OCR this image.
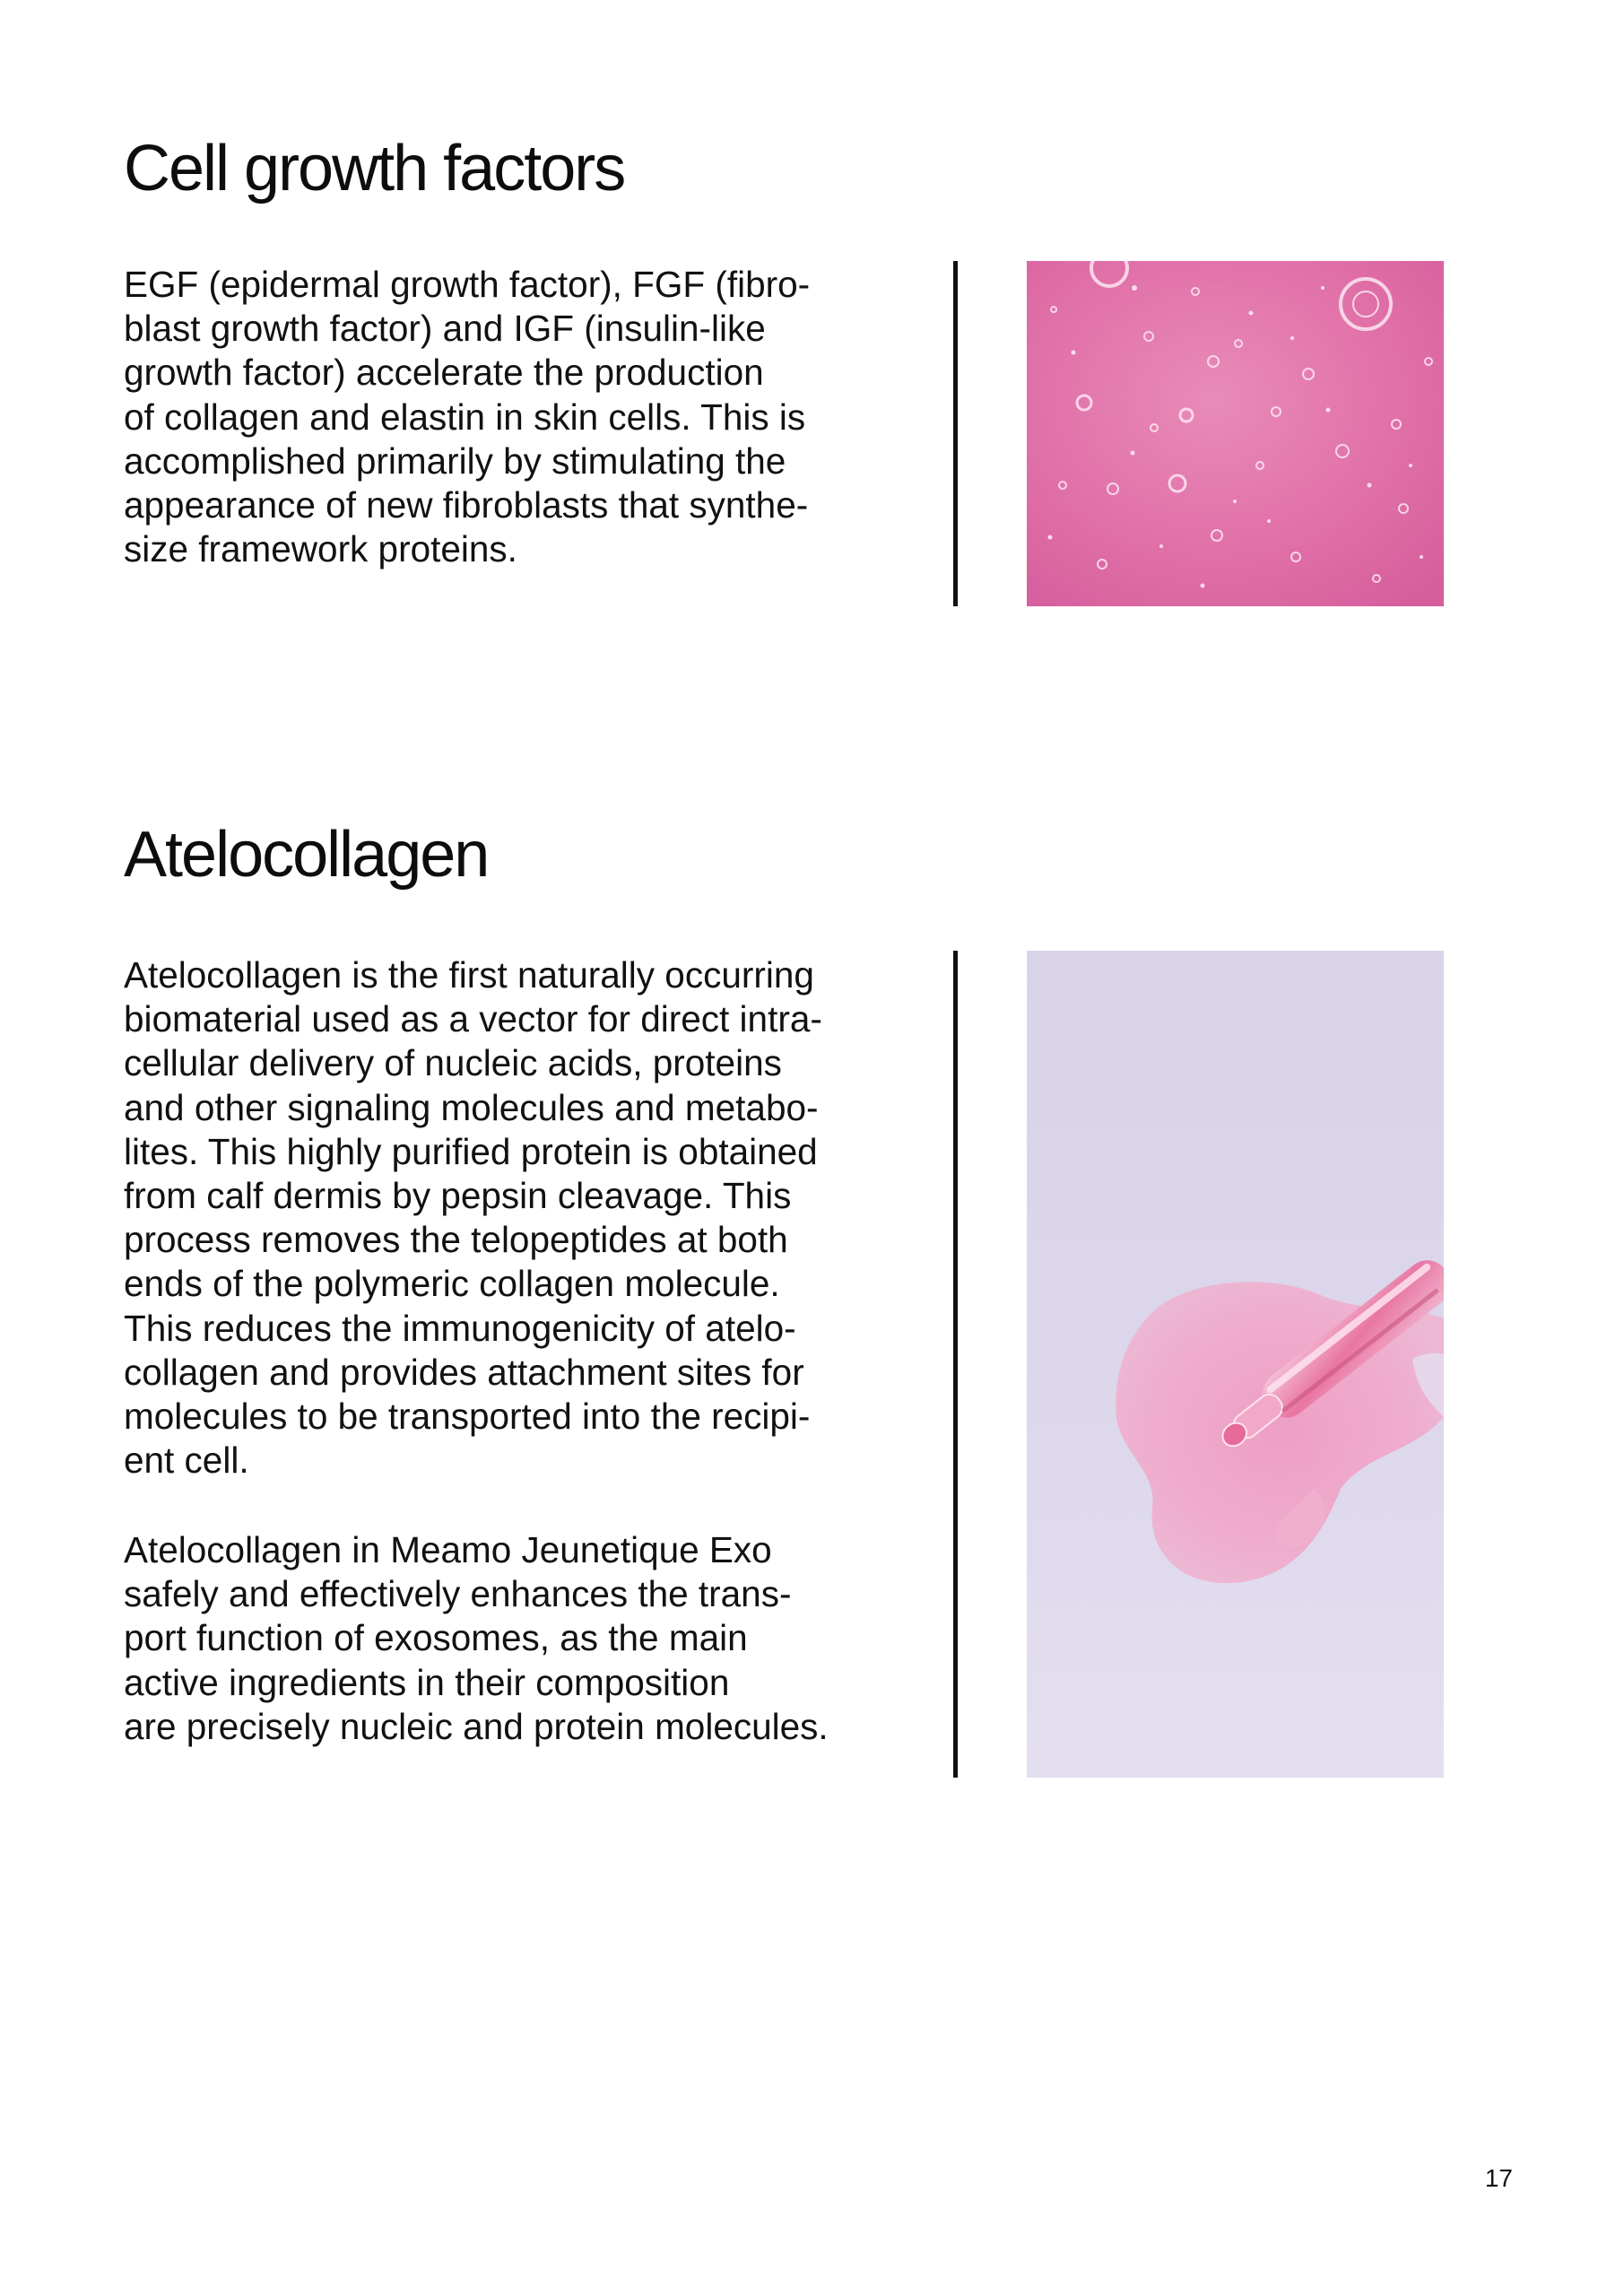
Cell growth factors

EGF (epidermal growth factor), FGF (fibro-
blast growth factor) and IGF (insulin-like
growth factor) accelerate the production
of collagen and elastin in skin cells. This is
accomplished primarily by stimulating the
appearance of new fibroblasts that synthe-
size framework proteins.

Atelocollagen

Atelocollagen is the first naturally occurring
biomaterial used as a vector for direct intra-
cellular delivery of nucleic acids, proteins
and other signaling molecules and metabo-
lites. This highly purified protein is obtained
from calf dermis by pepsin cleavage. This
process removes the telopeptides at both
ends of the polymeric collagen molecule.
This reduces the immunogenicity of atelo-
collagen and provides attachment sites for
molecules to be transported into the recipi-
ent cell.

Atelocollagen in Meamo Jeunetique Exo
safely and effectively enhances the trans-
port function of exosomes, as the main
active ingredients in their composition
are precisely nucleic and protein molecules.

17
